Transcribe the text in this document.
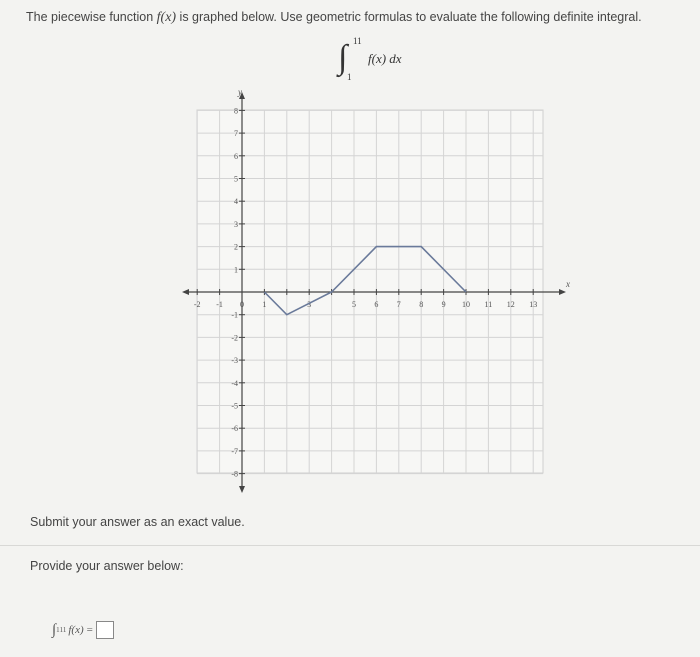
The piecewise function f(x) is graphed below. Use geometric formulas to evaluate the following definite integral.
∫ 11
1
f(x) dx
x
y
-2 -1 0 1	3	5 6 7 8 9 10 11 12 13
8
7
6
5
4
3
2
1
-1
-2
-3
-4
-5
-6
-7
-8
Submit your answer as an exact value.
Provide your answer below:
∫ 1 11 f(x) =
